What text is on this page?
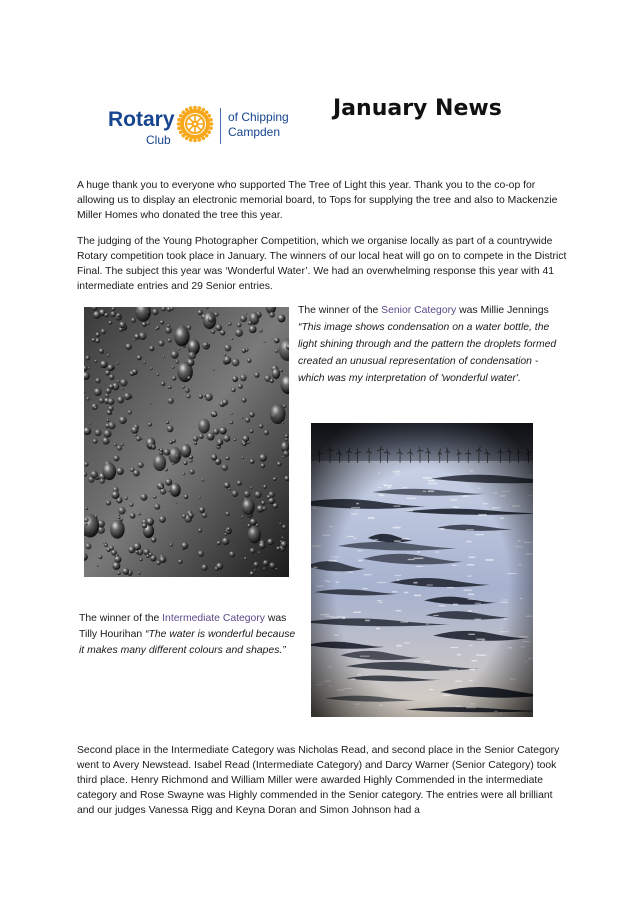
Rotary
Club
of Chipping
Campden
January News

A huge thank you to everyone who supported The Tree of Light this year. Thank you to the co-op for allowing us to display an electronic memorial board, to Tops for supplying the tree and also to Mackenzie Miller Homes who donated the tree this year.

The judging of the Young Photographer Competition, which we organise locally as part of a countrywide Rotary competition took place in January. The winners of our local heat will go on to compete in the District Final. The subject this year was ‘Wonderful Water’. We had an overwhelming response this year with 41 intermediate entries and 29 Senior entries.

The winner of the Senior Category was Millie Jennings
“This image shows condensation on a water bottle, the light shining through and the pattern the droplets formed created an unusual representation of condensation - which was my interpretation of 'wonderful water'.
The winner of the Intermediate Category was Tilly Hourihan “The water is wonderful because it makes many different colours and shapes.”

Second place in the Intermediate Category was Nicholas Read, and second place in the Senior Category went to Avery Newstead. Isabel Read (Intermediate Category) and Darcy Warner (Senior Category) took third place. Henry Richmond and William Miller were awarded Highly Commended in the intermediate category and Rose Swayne was Highly commended in the Senior category. The entries were all brilliant and our judges Vanessa Rigg and Keyna Doran and Simon Johnson had a
